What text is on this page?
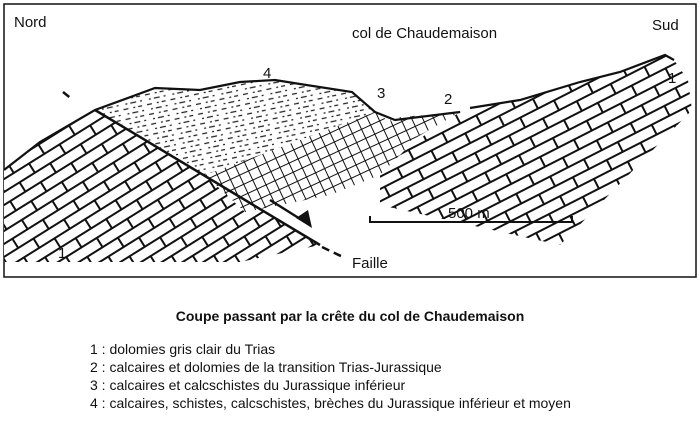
Nord	Sud
col de Chaudemaison
Faille
500 m
1
1
2
3
4
Coupe passant par la crête du col de Chaudemaison
1 : dolomies gris clair du Trias
2 : calcaires et dolomies de la transition Trias-Jurassique
3 : calcaires et calcschistes du Jurassique inférieur
4 : calcaires, schistes, calcschistes, brèches du Jurassique inférieur et moyen
